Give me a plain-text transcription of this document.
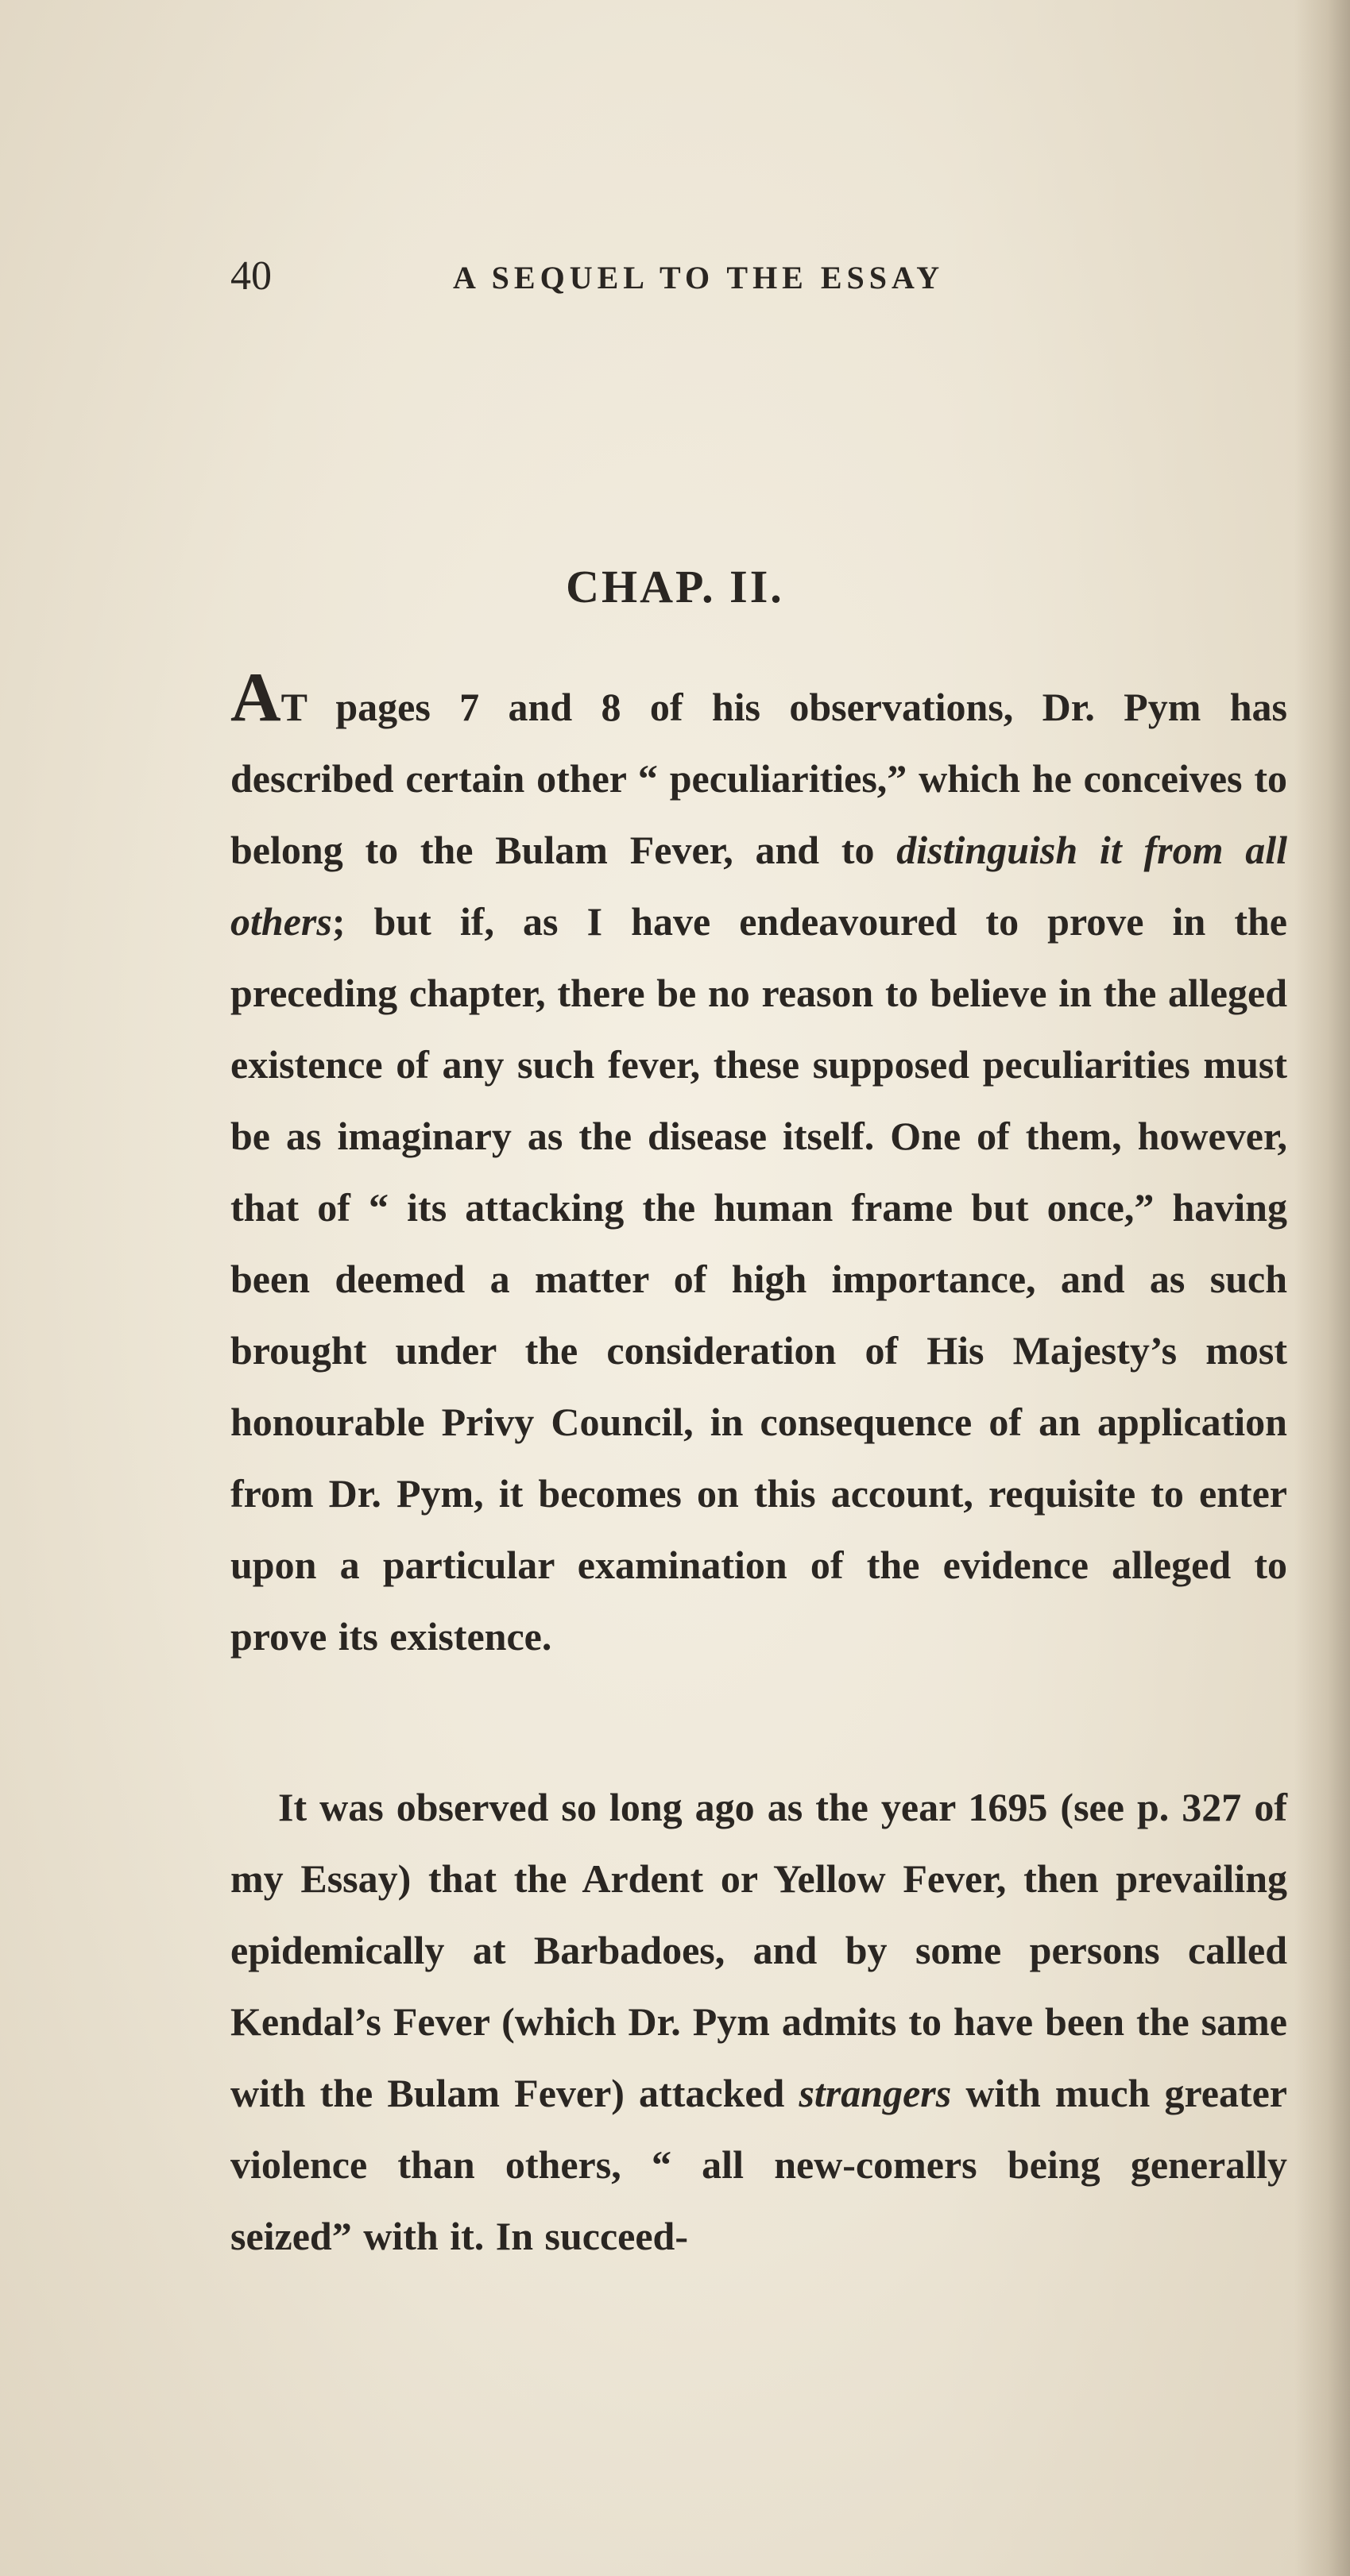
40	A SEQUEL TO THE ESSAY
CHAP. II.
AT pages 7 and 8 of his observations, Dr. Pym has described certain other “ peculiarities,” which he conceives to belong to the Bulam Fever, and to distinguish it from all others; but if, as I have endeavoured to prove in the preceding chapter, there be no reason to believe in the alleged existence of any such fever, these supposed peculiarities must be as imaginary as the disease itself. One of them, however, that of “ its attacking the human frame but once,” having been deemed a matter of high importance, and as such brought under the consideration of His Majesty’s most honourable Privy Council, in consequence of an application from Dr. Pym, it becomes on this account, requisite to enter upon a particular examination of the evidence alleged to prove its existence.
It was observed so long ago as the year 1695 (see p. 327 of my Essay) that the Ardent or Yellow Fever, then prevailing epidemically at Barbadoes, and by some persons called Kendal’s Fever (which Dr. Pym admits to have been the same with the Bulam Fever) attacked strangers with much greater violence than others, “ all new-comers being generally seized” with it. In succeed-
